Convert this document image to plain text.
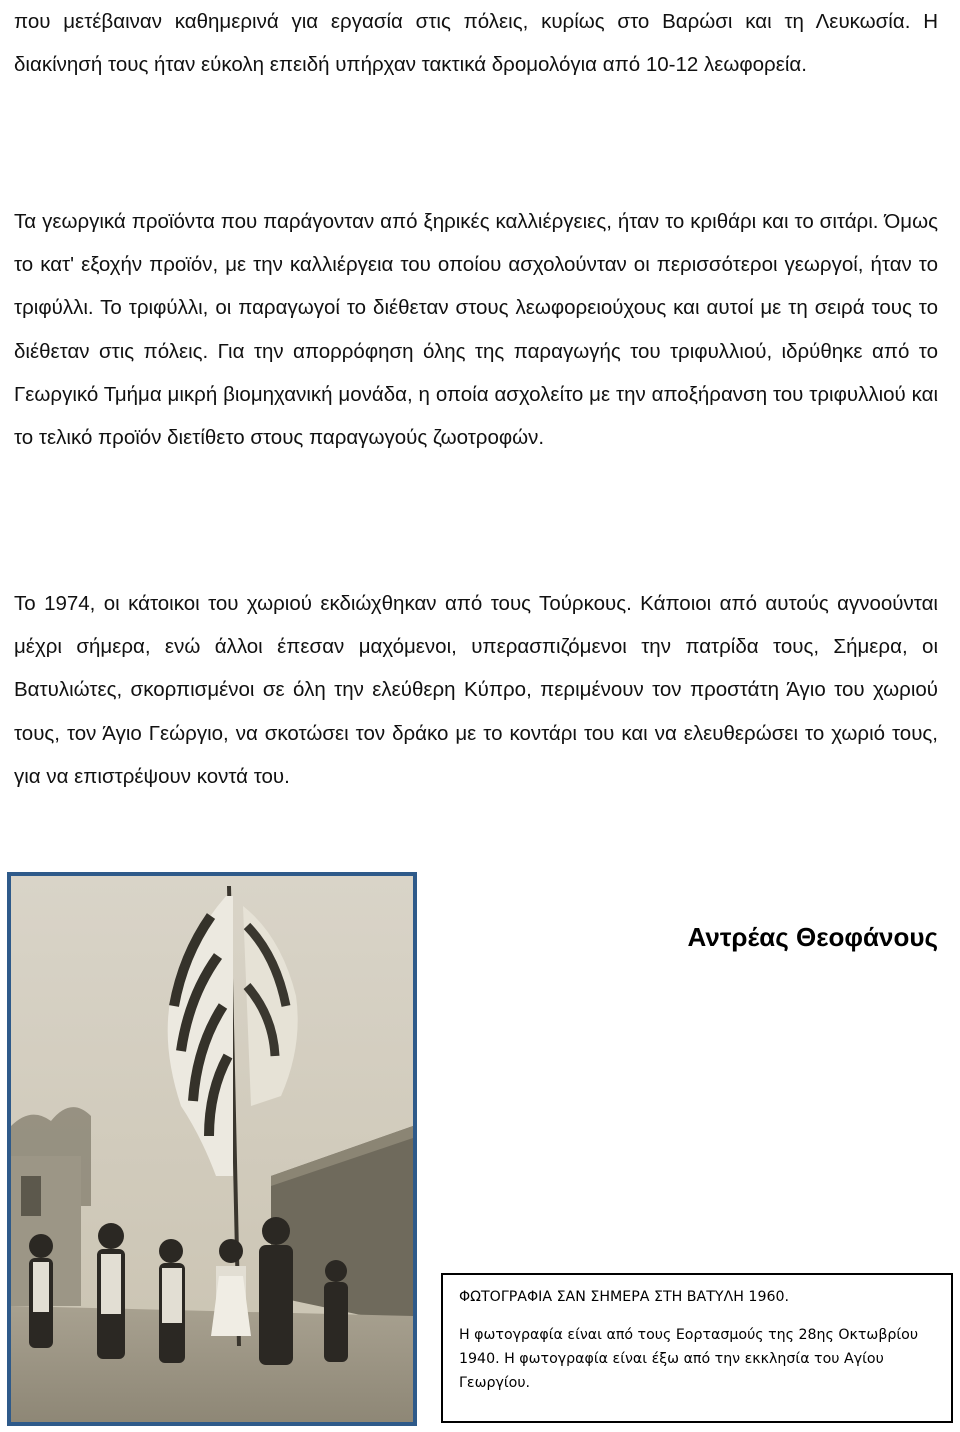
που μετέβαιναν καθημερινά για εργασία στις πόλεις, κυρίως στο Βαρώσι και τη Λευκωσία. Η διακίνησή τους ήταν εύκολη επειδή υπήρχαν τακτικά δρομολόγια από 10-12 λεωφορεία.

Τα γεωργικά προϊόντα που παράγονταν από ξηρικές καλλιέργειες, ήταν το κριθάρι και το σιτάρι. Όμως το κατ' εξοχήν προϊόν, με την καλλιέργεια του οποίου ασχολούνταν οι περισσότεροι γεωργοί, ήταν το τριφύλλι. Το τριφύλλι, οι παραγωγοί το διέθεταν στους λεωφορειούχους και αυτοί με τη σειρά τους το διέθεταν στις πόλεις. Για την απορρόφηση όλης της παραγωγής του τριφυλλιού, ιδρύθηκε από το Γεωργικό Τμήμα μικρή βιομηχανική μονάδα, η οποία ασχολείτο με την αποξήρανση του τριφυλλιού και το τελικό προϊόν διετίθετο στους παραγωγούς ζωοτροφών.

Το 1974, οι κάτοικοι του χωριού εκδιώχθηκαν από τους Τούρκους. Κάποιοι από αυτούς αγνοούνται μέχρι σήμερα, ενώ άλλοι έπεσαν μαχόμενοι, υπερασπιζόμενοι την πατρίδα τους, Σήμερα, οι Βατυλιώτες, σκορπισμένοι σε όλη την ελεύθερη Κύπρο, περιμένουν τον προστάτη Άγιο του χωριού τους, τον Άγιο Γεώργιο, να σκοτώσει τον δράκο με το κοντάρι του και να ελευθερώσει το χωριό τους, για να επιστρέψουν κοντά του.

Αντρέας Θεοφάνους

ΦΩΤΟΓΡΑΦΙΑ ΣΑΝ ΣΗΜΕΡΑ ΣΤΗ ΒΑΤΥΛΗ 1960.

Η φωτογραφία είναι από τους Εορτασμούς της 28ης Οκτωβρίου 1940. Η φωτογραφία είναι έξω από την εκκλησία του Αγίου Γεωργίου.
